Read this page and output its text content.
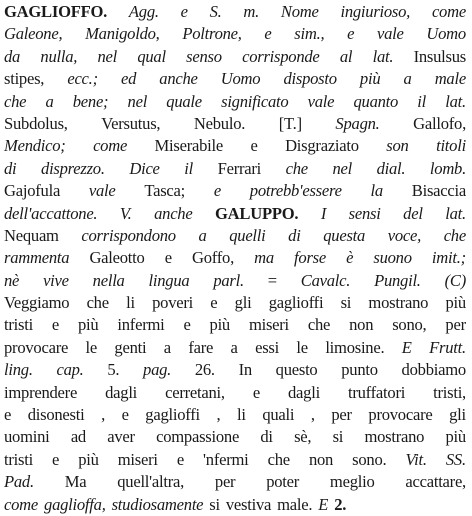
GAGLIOFFO. Agg. e S. m. Nome ingiurioso, come
Galeone, Manigoldo, Poltrone, e sim., e vale Uomo
da nulla, nel qual senso corrisponde al lat. Insulsus
stipes, ecc.; ed anche Uomo disposto più a male
che a bene; nel quale significato vale quanto il lat.
Subdolus, Versutus, Nebulo. [T.] Spagn. Gallofo,
Mendico; come Miserabile e Disgraziato son titoli
di disprezzo. Dice il Ferrari che nel dial. lomb.
Gajofula vale Tasca; e potrebb'essere la Bisaccia
dell'accattone. V. anche GALUPPO. I sensi del lat.
Nequam corrispondono a quelli di questa voce, che
rammenta Galeotto e Goffo, ma forse è suono imit.;
nè vive nella lingua parl. = Cavalc. Pungil. (C)
Veggiamo che li poveri e gli gaglioffi si mostrano più
tristi e più infermi e più miseri che non sono, per
provocare le genti a fare a essi le limosine. E Frutt.
ling. cap. 5. pag. 26. In questo punto dobbiamo
imprendere dagli cerretani, e dagli truffatori tristi,
e disonesti , e gaglioffi , li quali , per provocare gli
uomini ad aver compassione di sè, si mostrano più
tristi e più miseri e 'nfermi che non sono. Vit. SS.
Pad. Ma quell'altra, per poter meglio accattare,
come gaglioffa, studiosamente si vestiva male. E 2.
